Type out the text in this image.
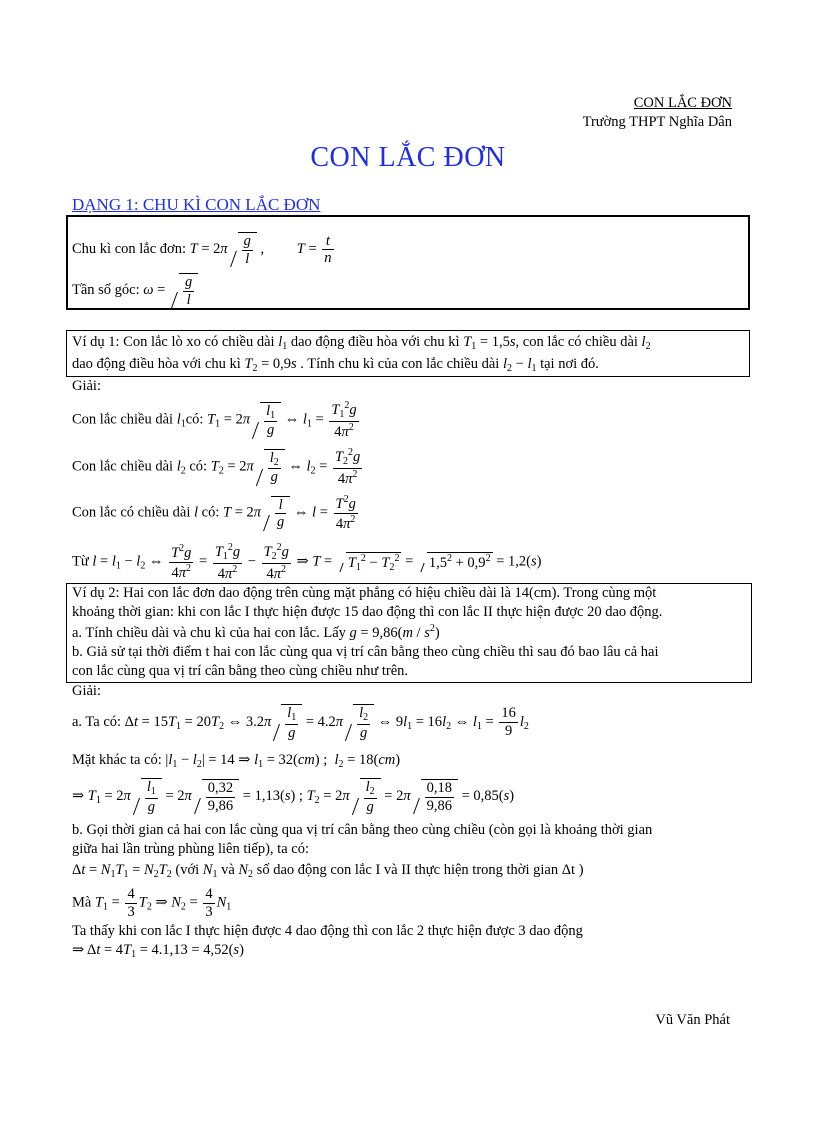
CON LẮC ĐƠN
Trường THPT Nghĩa Dân
CON LẮC ĐƠN
DẠNG 1: CHU KÌ CON LẮC ĐƠN
Chu kì con lắc đơn: $T = 2\pi \frac{g}{l}$ ,         $T = \frac{t}{n}$
Tần số góc: $\omega = \frac{g}{l}$
Ví dụ 1: Con lắc lò xo có chiều dài $l_1$ dao động điều hòa với chu kì $T_1 = 1,5s$, con lắc có chiều dài $l_2$
dao động điều hòa với chu kì $T_2 = 0,9s$ . Tính chu kì của con lắc chiều dài $l_2 - l_1$ tại nơi đó.
Giải:
Con lắc chiều dài $l_1có$: $T_1 = 2\pi \frac{l_1}{g}$ ⇔ $l_1 = \frac{T_1^2g}{4\pi^2}$
Con lắc chiều dài $l_2$ có: $T_2 = 2\pi \frac{l_2}{g}$ ⇔ $l_2 = \frac{T_2^2g}{4\pi^2}$
Con lắc có chiều dài l có: $T = 2\pi \frac{l}{g}$ ⇔ $l = \frac{T^2g}{4\pi^2}$
Từ $l = l_1 - l_2$ ⇔ $\frac{T^2g}{4\pi^2} = \frac{T_1^2g}{4\pi^2} - \frac{T_2^2g}{4\pi^2}$ ⇒ $T = T_1^2 - T_2^2 = 1,5^2 + 0,9^2 = 1,2(s)$
Ví dụ 2: Hai con lắc đơn dao động trên cùng mặt phẳng có hiệu chiều dài là 14(cm). Trong cùng một
khoảng thời gian: khi con lắc I thực hiện được 15 dao động thì con lắc II thực hiện được 20 dao động.
a. Tính chiều dài và chu kì của hai con lắc. Lấy $g = 9,86(m / s^2)$
b. Giả sử tại thời điểm t hai con lắc cùng qua vị trí cân bằng theo cùng chiều thì sau đó bao lâu cả hai
con lắc cùng qua vị trí cân bằng theo cùng chiều như trên.
Giải:
a. Ta có: $\Delta t = 15T_1 = 20T_2$ ⇔ $3.2\pi \frac{l_1}{g} = 4.2\pi \frac{l_2}{g}$ ⇔ $9l_1 = 16l_2$ ⇔ $l_1 = \frac{16}{9} l_2$
Mặt khác ta có: $|l_1 - l_2| = 14$ ⇒ $l_1 = 32(cm)$ ;  $l_2 = 18(cm)$
⇒ $T_1 = 2\pi \frac{l_1}{g} = 2\pi \frac{0,32}{9,86} = 1,13(s)$ ; $T_2 = 2\pi \frac{l_2}{g} = 2\pi \frac{0,18}{9,86} = 0,85(s)$
b. Gọi thời gian cả hai con lắc cùng qua vị trí cân bằng theo cùng chiều (còn gọi là khoảng thời gian
giữa hai lần trùng phùng liên tiếp), ta có:
$\Delta t = N_1T_1 = N_2T_2$ (với $N_1$ và $N_2$ số dao động con lắc I và II thực hiện trong thời gian Δt )
Mà $T_1 = \frac{4}{3} T_2$ ⇒ $N_2 = \frac{4}{3} N_1$
Ta thấy khi con lắc I thực hiện được 4 dao động thì con lắc 2 thực hiện được 3 dao động
⇒ $\Delta t = 4T_1 = 4.1,13 = 4,52(s)$
Vũ Văn Phát
